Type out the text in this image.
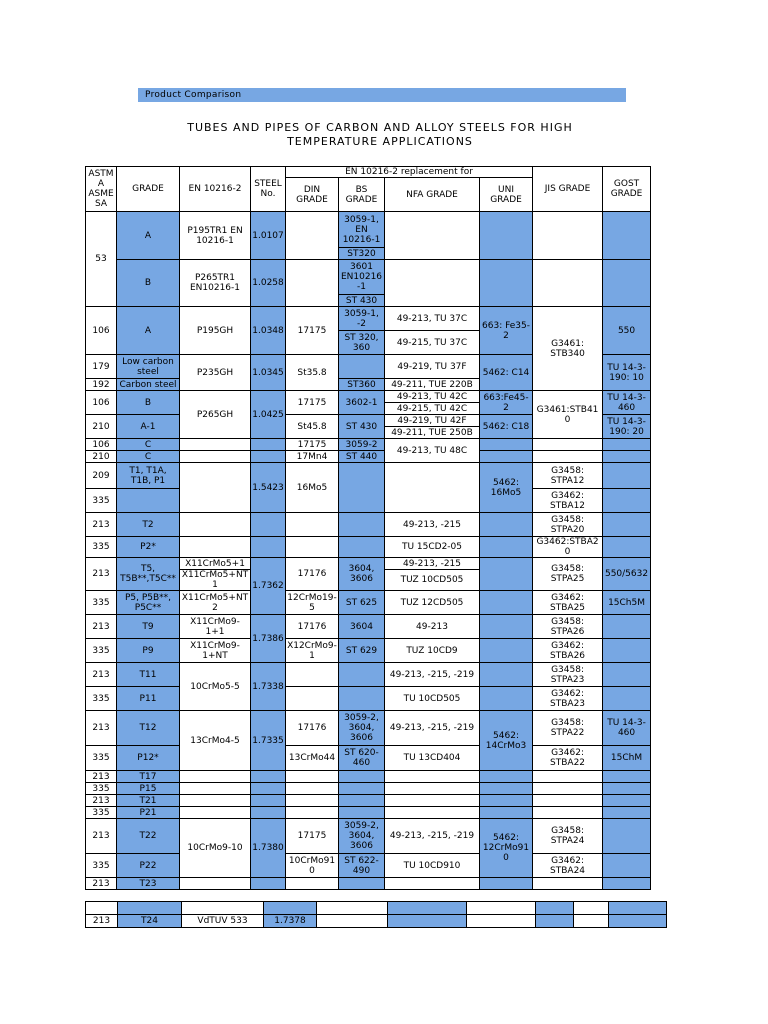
Product Comparison
TUBES AND PIPES OF CARBON AND ALLOY STEELS FOR HIGH
TEMPERATURE APPLICATIONS
ASTM A ASME SA	GRADE	EN 10216-2	STEEL No.	EN 10216-2 replacement for				JIS GRADE	GOST GRADE
				DIN GRADE	BS GRADE	NFA GRADE	UNI GRADE		
53	A	P195TR1 EN 10216-1	1.0107		3059-1, EN 10216-1				
					ST320				
	B	P265TR1 EN10216-1	1.0258		3601 EN10216-1				
					ST 430				
106	A	P195GH	1.0348	17175	3059-1, -2	49-213, TU 37C	663: Fe35-2	G3461: STB340	550
					ST 320, 360	49-215, TU 37C			
179	Low carbon steel	P235GH	1.0345	St35.8		49-219, TU 37F	5462: C14		TU 14-3-190: 10
192	Carbon steel				ST360	49-211, TUE 220B			
106	B	P265GH	1.0425	17175	3602-1	49-213, TU 42C	663:Fe45-2	G3461:STB410	TU 14-3-460
						49-215, TU 42C			
210	A-1			St45.8	ST 430	49-219, TU 42F	5462: C18		TU 14-3-190: 20
						49-211, TUE 250B			
106	C			17175	3059-2	49-213, TU 48C			
210	C			17Mn4	ST 440				
209	T1, T1A, T1B, P1		1.5423	16Mo5			5462: 16Mo5	G3458: STPA12	
335								G3462: STBA12	
213	T2					49-213, -215		G3458: STPA20	
335	P2*					TU 15CD2-05		G3462:STBA20	
213	T5, T5B**,T5C**	X11CrMo5+1	1.7362	17176	3604, 3606	49-213, -215		G3458: STPA25	550/5632
		X11CrMo5+NT1				TUZ 10CD505			
335	P5, P5B**, P5C**	X11CrMo5+NT2		12CrMo19-5	ST 625	TUZ 12CD505		G3462: STBA25	15Ch5M
213	T9	X11CrMo9-1+1	1.7386	17176	3604	49-213		G3458: STPA26	
335	P9	X11CrMo9-1+NT		X12CrMo9-1	ST 629	TUZ 10CD9		G3462: STBA26	
213	T11	10CrMo5-5	1.7338			49-213, -215, -219		G3458: STPA23	
335	P11					TU 10CD505		G3462: STBA23	
213	T12	13CrMo4-5	1.7335	17176	3059-2, 3604, 3606	49-213, -215, -219	5462: 14CrMo3	G3458: STPA22	TU 14-3-460
335	P12*			13CrMo44	ST 620-460	TU 13CD404		G3462: STBA22	15ChM
213	T17								
335	P15								
213	T21								
335	P21								
213	T22	10CrMo9-10	1.7380	17175	3059-2, 3604, 3606	49-213, -215, -219	5462: 12CrMo910	G3458: STPA24	
335	P22			10CrMo910	ST 622-490	TU 10CD910		G3462: STBA24	
213	T23								

213	T24	VdTUV 533	1.7378						
